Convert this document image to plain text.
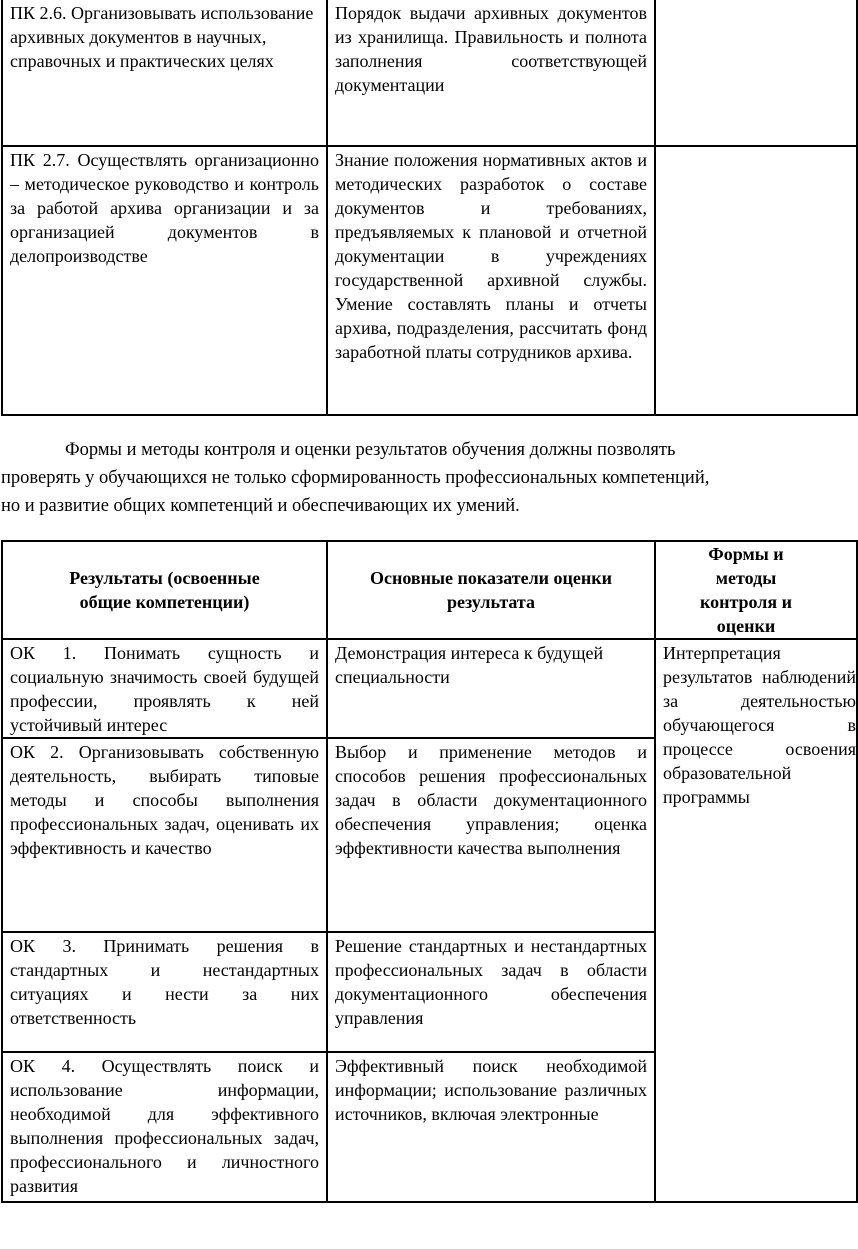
ПК 2.6. Организовывать использование архивных документов в научных, справочных и практических целях	Порядок выдачи архивных документов из хранилища. Правильность и полнота заполнения соответствующей документации	
ПК 2.7. Осуществлять организационно – методическое руководство и контроль за работой архива организации и за организацией документов в делопроизводстве	Знание положения нормативных актов и методических разработок о составе документов и требованиях, предъявляемых к плановой и отчетной документации в учреждениях государственной архивной службы. Умение составлять планы и отчеты архива, подразделения, рассчитать фонд заработной платы сотрудников архива.	
Формы и методы контроля и оценки результатов обучения должны позволять
проверять у обучающихся не только сформированность профессиональных компетенций,
но и развитие общих компетенций и обеспечивающих их умений.
Результаты (освоенные общие компетенции)	Основные показатели оценки результата	Формы и методы контроля и оценки
ОК 1. Понимать сущность и социальную значимость своей будущей профессии, проявлять к ней устойчивый интерес	Демонстрация интереса к будущей специальности	Интерпретация результатов наблюдений за деятельностью обучающегося в процессе освоения образовательной программы
ОК 2. Организовывать собственную деятельность, выбирать типовые методы и способы выполнения профессиональных задач, оценивать их эффективность и качество	Выбор и применение методов и способов решения профессиональных задач в области документационного обеспечения управления; оценка эффективности качества выполнения	
ОК 3. Принимать решения в стандартных и нестандартных ситуациях и нести за них ответственность	Решение стандартных и нестандартных профессиональных задач в области документационного обеспечения управления	
ОК 4. Осуществлять поиск и использование информации, необходимой для эффективного выполнения профессиональных задач, профессионального и личностного развития	Эффективный поиск необходимой информации; использование различных источников, включая электронные	
